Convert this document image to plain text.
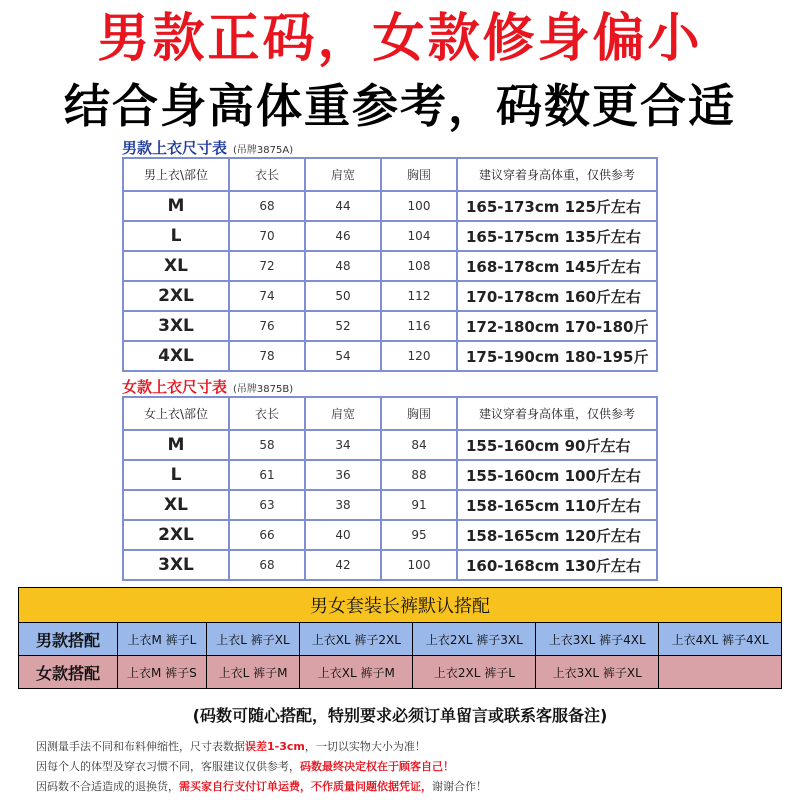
男款正码，女款修身偏小
结合身高体重参考，码数更合适
男款上衣尺寸表 (吊牌3875A)
男上衣\部位	衣长	肩宽	胸围	建议穿着身高体重，仅供参考
M	68	44	100	165-173cm 125斤左右
L	70	46	104	165-175cm 135斤左右
XL	72	48	108	168-178cm 145斤左右
2XL	74	50	112	170-178cm 160斤左右
3XL	76	52	116	172-180cm 170-180斤
4XL	78	54	120	175-190cm 180-195斤
女款上衣尺寸表 (吊牌3875B)
女上衣\部位	衣长	肩宽	胸围	建议穿着身高体重，仅供参考
M	58	34	84	155-160cm 90斤左右
L	61	36	88	155-160cm 100斤左右
XL	63	38	91	158-165cm 110斤左右
2XL	66	40	95	158-165cm 120斤左右
3XL	68	42	100	160-168cm 130斤左右
男女套装长裤默认搭配						
男款搭配	上衣M 裤子L	上衣L 裤子XL	上衣XL 裤子2XL	上衣2XL 裤子3XL	上衣3XL 裤子4XL	上衣4XL 裤子4XL
女款搭配	上衣M 裤子S	上衣L 裤子M	上衣XL 裤子M	上衣2XL 裤子L	上衣3XL 裤子XL	
(码数可随心搭配，特别要求必须订单留言或联系客服备注)
因测量手法不同和布料伸缩性，尺寸表数据误差1-3cm，一切以实物大小为准！
因每个人的体型及穿衣习惯不同，客服建议仅供参考，码数最终决定权在于顾客自己！
因码数不合适造成的退换货，需买家自行支付订单运费，不作质量问题依据凭证，谢谢合作！
